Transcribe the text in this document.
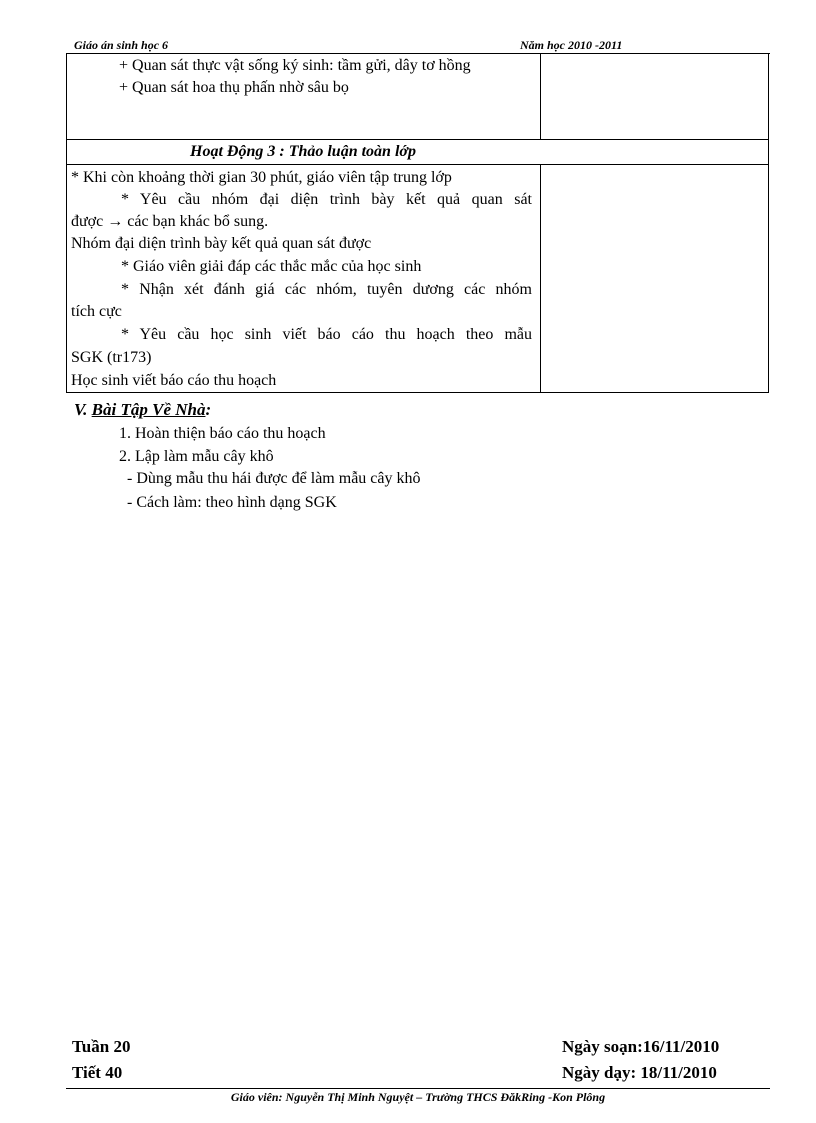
Giáo án sinh học 6	Năm học 2010 -2011
+ Quan sát thực vật sống ký sinh: tầm gửi, dây tơ hồng
+ Quan sát hoa thụ phấn nhờ sâu bọ
Hoạt Động 3 : Thảo luận toàn lớp
* Khi còn khoảng thời gian 30 phút, giáo viên tập trung lớp
* Yêu cầu nhóm đại diện trình bày kết quả quan sát
được → các bạn khác bổ sung.
Nhóm đại diện trình bày kết quả quan sát được
* Giáo viên giải đáp các thắc mắc của học sinh
* Nhận xét đánh giá các nhóm, tuyên dương các nhóm
tích cực
* Yêu cầu học sinh viết báo cáo thu hoạch theo mẫu
SGK (tr173)
Học sinh viết báo cáo thu hoạch
V. Bài Tập Về Nhà:
1. Hoàn thiện báo cáo thu hoạch
2. Lập làm mẫu cây khô
- Dùng mẫu thu hái được để làm mẫu cây khô
- Cách làm: theo hình dạng SGK
Tuần 20
Tiết 40
Ngày soạn:16/11/2010
Ngày dạy: 18/11/2010
Giáo viên: Nguyễn Thị Minh Nguyệt – Trường THCS ĐăkRing -Kon Plông
